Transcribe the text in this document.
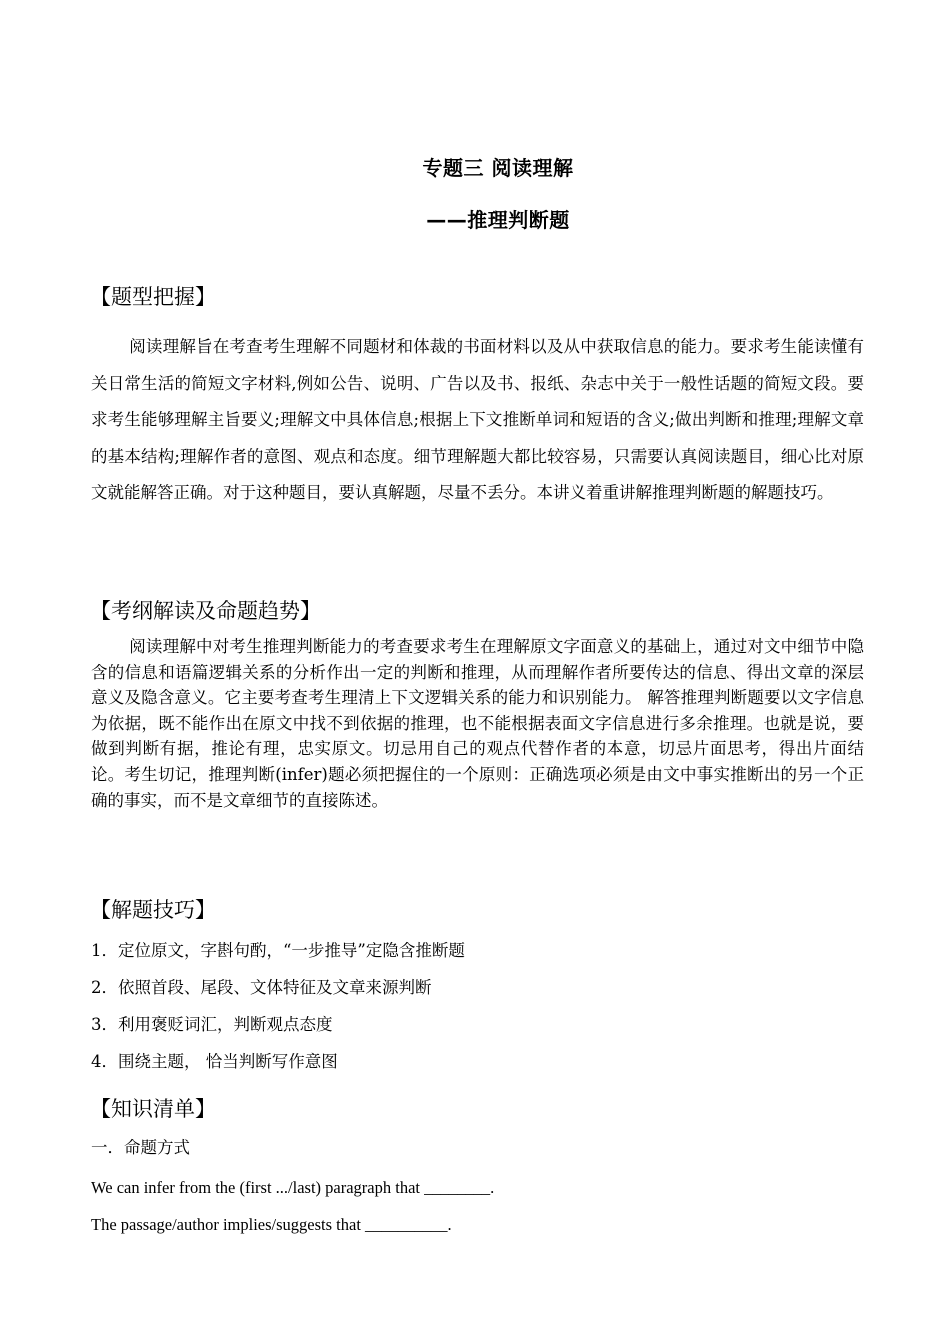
专题三 阅读理解
——推理判断题
【题型把握】

阅读理解旨在考查考生理解不同题材和体裁的书面材料以及从中获取信息的能力。要求考生能读懂有关日常生活的简短文字材料,例如公告、说明、广告以及书、报纸、杂志中关于一般性话题的简短文段。要求考生能够理解主旨要义;理解文中具体信息;根据上下文推断单词和短语的含义;做出判断和推理;理解文章的基本结构;理解作者的意图、观点和态度。细节理解题大都比较容易，只需要认真阅读题目，细心比对原文就能解答正确。对于这种题目，要认真解题，尽量不丢分。本讲义着重讲解推理判断题的解题技巧。

【考纲解读及命题趋势】

阅读理解中对考生推理判断能力的考查要求考生在理解原文字面意义的基础上，通过对文中细节中隐含的信息和语篇逻辑关系的分析作出一定的判断和推理，从而理解作者所要传达的信息、得出文章的深层意义及隐含意义。它主要考查考生理清上下文逻辑关系的能力和识别能力。 解答推理判断题要以文字信息为依据，既不能作出在原文中找不到依据的推理，也不能根据表面文字信息进行多余推理。也就是说，要做到判断有据，推论有理，忠实原文。切忌用自己的观点代替作者的本意，切忌片面思考，得出片面结论。考生切记，推理判断(infer)题必须把握住的一个原则：正确选项必须是由文中事实推断出的另一个正确的事实，而不是文章细节的直接陈述。

【解题技巧】
1．定位原文，字斟句酌，“一步推导”定隐含推断题
2．依照首段、尾段、文体特征及文章来源判断
3．利用褒贬词汇，判断观点态度
4．围绕主题， 恰当判断写作意图
【知识清单】
一．命题方式
We can infer from the (first .../last) paragraph that ________.
The passage/author implies/suggests that __________.
